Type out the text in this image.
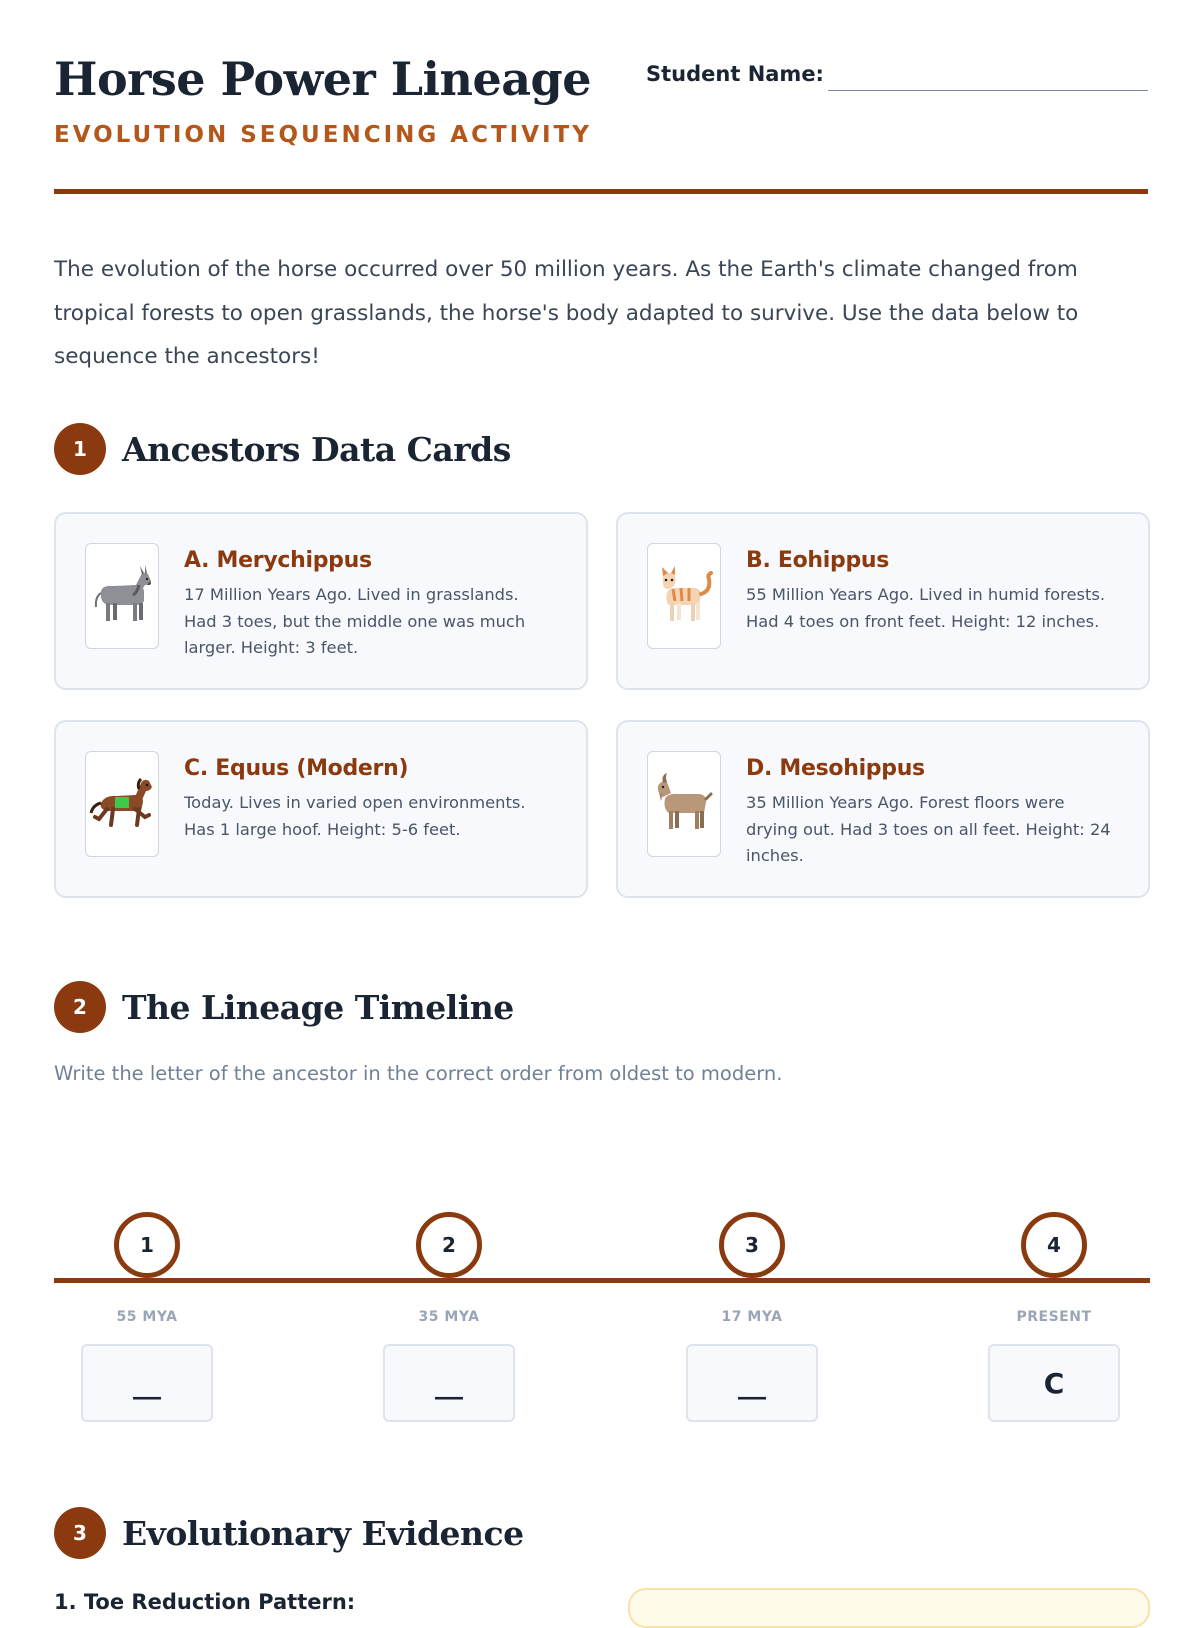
Horse Power Lineage
EVOLUTION SEQUENCING ACTIVITY
Student Name:

The evolution of the horse occurred over 50 million years. As the Earth's climate changed from tropical forests to open grasslands, the horse's body adapted to survive. Use the data below to sequence the ancestors!

1	Ancestors Data Cards
A. Merychippus
17 Million Years Ago. Lived in grasslands. Had 3 toes, but the middle one was much larger. Height: 3 feet.
B. Eohippus
55 Million Years Ago. Lived in humid forests. Had 4 toes on front feet. Height: 12 inches.
C. Equus (Modern)
Today. Lives in varied open environments. Has 1 large hoof. Height: 5-6 feet.
D. Mesohippus
35 Million Years Ago. Forest floors were drying out. Had 3 toes on all feet. Height: 24 inches.
2	The Lineage Timeline
Write the letter of the ancestor in the correct order from oldest to modern.
1	2	3	4
55 MYA	35 MYA	17 MYA	PRESENT
__	__	__	C
3	Evolutionary Evidence
1. Toe Reduction Pattern:
